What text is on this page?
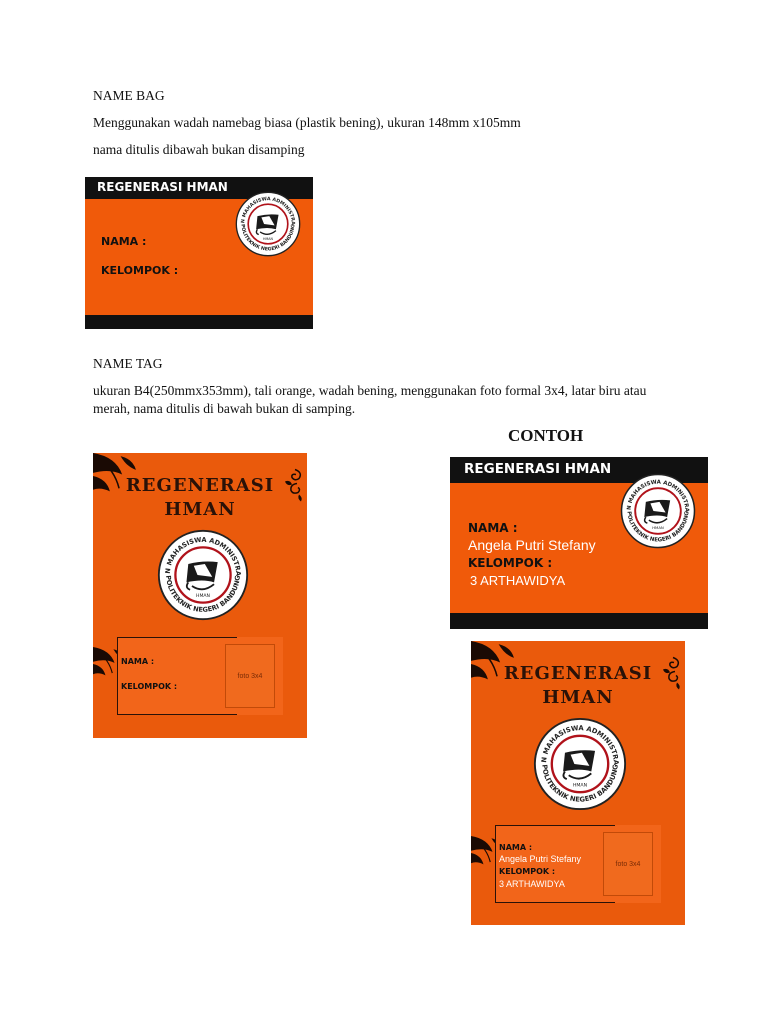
NAME BAG
Menggunakan wadah namebag biasa (plastik bening), ukuran 148mm x105mm
nama ditulis dibawah bukan disamping
REGENERASI HMAN
NAMA :
KELOMPOK :
NAME TAG
ukuran B4(250mmx353mm), tali orange, wadah bening, menggunakan foto formal 3x4, latar biru atau
merah, nama ditulis di bawah bukan di samping.
CONTOH
REGENERASI
HMAN
NAMA :
KELOMPOK :
foto 3x4
REGENERASI HMAN
NAMA :
Angela Putri Stefany
KELOMPOK :
3 ARTHAWIDYA
REGENERASI
HMAN
NAMA :
Angela Putri Stefany
KELOMPOK :
3 ARTHAWIDYA
foto 3x4
